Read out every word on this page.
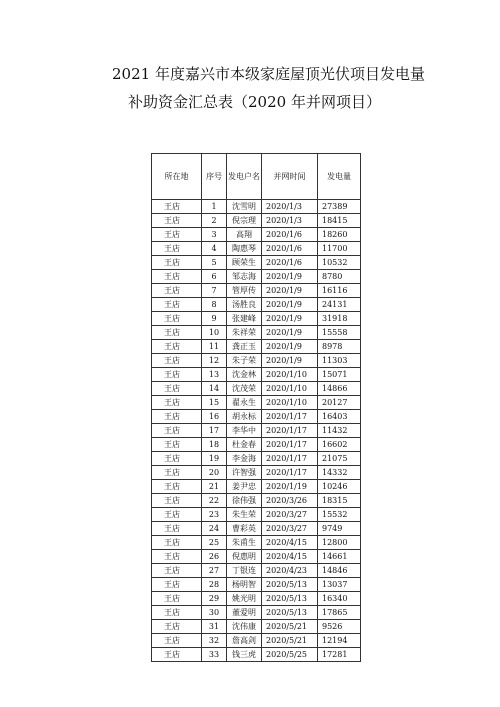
2021 年度嘉兴市本级家庭屋顶光伏项目发电量
补助资金汇总表（2020 年并网项目）
所在地	序号	发电户名	并网时间	发电量
王店	1	沈雪明	2020/1/3	27389
王店	2	倪宗理	2020/1/3	18415
王店	3	高翔	2020/1/6	18260
王店	4	陶惠琴	2020/1/6	11700
王店	5	顾荣生	2020/1/6	10532
王店	6	邹志海	2020/1/9	8780
王店	7	管厚传	2020/1/9	16116
王店	8	汤胜良	2020/1/9	24131
王店	9	张建峰	2020/1/9	31918
王店	10	朱祥荣	2020/1/9	15558
王店	11	龚正玉	2020/1/9	8978
王店	12	朱子荣	2020/1/9	11303
王店	13	沈金林	2020/1/10	15071
王店	14	沈茂荣	2020/1/10	14866
王店	15	翟永生	2020/1/10	20127
王店	16	胡永标	2020/1/17	16403
王店	17	李华中	2020/1/17	11432
王店	18	杜金春	2020/1/17	16602
王店	19	李金海	2020/1/17	21075
王店	20	许智强	2020/1/17	14332
王店	21	姜尹忠	2020/1/19	10246
王店	22	徐伟强	2020/3/26	18315
王店	23	朱生荣	2020/3/27	15532
王店	24	曹彩英	2020/3/27	9749
王店	25	朱甫生	2020/4/15	12800
王店	26	倪惠明	2020/4/15	14661
王店	27	丁银连	2020/4/23	14846
王店	28	杨明智	2020/5/13	13037
王店	29	姚光明	2020/5/13	16340
王店	30	董爱明	2020/5/13	17865
王店	31	沈伟康	2020/5/21	9526
王店	32	詹高剑	2020/5/21	12194
王店	33	钱三虎	2020/5/25	17281
